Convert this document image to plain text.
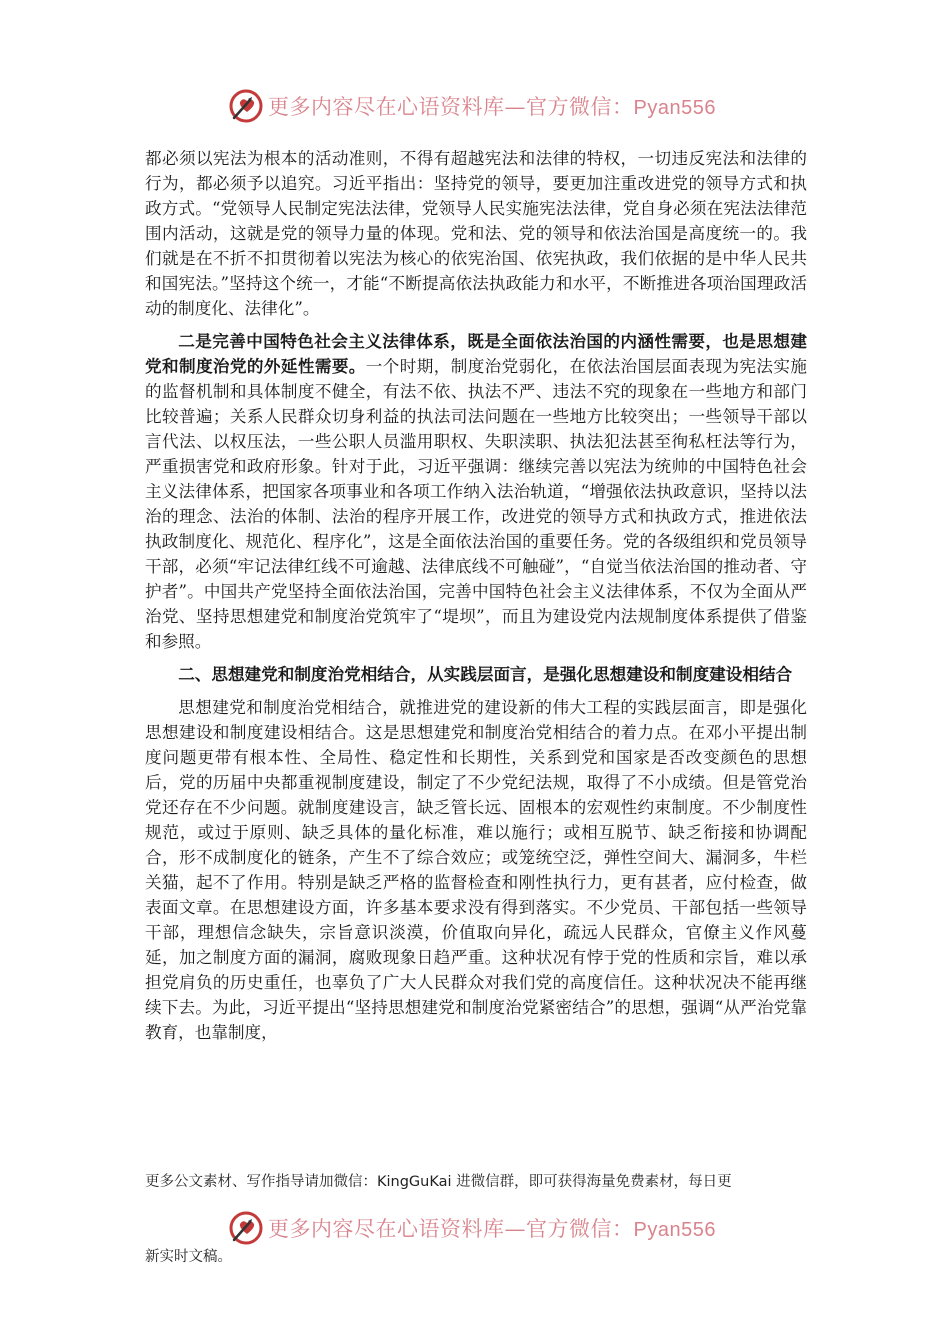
更多内容尽在心语资料库—官方微信：Pyan556

都必须以宪法为根本的活动准则，不得有超越宪法和法律的特权，一切违反宪法和法律的行为，都必须予以追究。习近平指出：坚持党的领导，要更加注重改进党的领导方式和执政方式。“党领导人民制定宪法法律，党领导人民实施宪法法律，党自身必须在宪法法律范围内活动，这就是党的领导力量的体现。党和法、党的领导和依法治国是高度统一的。我们就是在不折不扣贯彻着以宪法为核心的依宪治国、依宪执政，我们依据的是中华人民共和国宪法。”坚持这个统一，才能“不断提高依法执政能力和水平，不断推进各项治国理政活动的制度化、法律化”。

二是完善中国特色社会主义法律体系，既是全面依法治国的内涵性需要，也是思想建党和制度治党的外延性需要。一个时期，制度治党弱化，在依法治国层面表现为宪法实施的监督机制和具体制度不健全，有法不依、执法不严、违法不究的现象在一些地方和部门比较普遍；关系人民群众切身利益的执法司法问题在一些地方比较突出；一些领导干部以言代法、以权压法，一些公职人员滥用职权、失职渎职、执法犯法甚至徇私枉法等行为，严重损害党和政府形象。针对于此，习近平强调：继续完善以宪法为统帅的中国特色社会主义法律体系，把国家各项事业和各项工作纳入法治轨道，“增强依法执政意识，坚持以法治的理念、法治的体制、法治的程序开展工作，改进党的领导方式和执政方式，推进依法执政制度化、规范化、程序化”，这是全面依法治国的重要任务。党的各级组织和党员领导干部，必须“牢记法律红线不可逾越、法律底线不可触碰”，“自觉当依法治国的推动者、守护者”。中国共产党坚持全面依法治国，完善中国特色社会主义法律体系，不仅为全面从严治党、坚持思想建党和制度治党筑牢了“堤坝”，而且为建设党内法规制度体系提供了借鉴和参照。

二、思想建党和制度治党相结合，从实践层面言，是强化思想建设和制度建设相结合

思想建党和制度治党相结合，就推进党的建设新的伟大工程的实践层面言，即是强化思想建设和制度建设相结合。这是思想建党和制度治党相结合的着力点。在邓小平提出制度问题更带有根本性、全局性、稳定性和长期性，关系到党和国家是否改变颜色的思想后，党的历届中央都重视制度建设，制定了不少党纪法规，取得了不小成绩。但是管党治党还存在不少问题。就制度建设言，缺乏管长远、固根本的宏观性约束制度。不少制度性规范，或过于原则、缺乏具体的量化标准，难以施行；或相互脱节、缺乏衔接和协调配合，形不成制度化的链条，产生不了综合效应；或笼统空泛，弹性空间大、漏洞多，牛栏关猫，起不了作用。特别是缺乏严格的监督检查和刚性执行力，更有甚者，应付检查，做表面文章。在思想建设方面，许多基本要求没有得到落实。不少党员、干部包括一些领导干部，理想信念缺失，宗旨意识淡漠，价值取向异化，疏远人民群众，官僚主义作风蔓延，加之制度方面的漏洞，腐败现象日趋严重。这种状况有悖于党的性质和宗旨，难以承担党肩负的历史重任，也辜负了广大人民群众对我们党的高度信任。这种状况决不能再继续下去。为此，习近平提出“坚持思想建党和制度治党紧密结合”的思想，强调“从严治党靠教育，也靠制度，

更多公文素材、写作指导请加微信：KingGuKai 进微信群，即可获得海量免费素材，每日更
更多内容尽在心语资料库—官方微信：Pyan556
新实时文稿。
